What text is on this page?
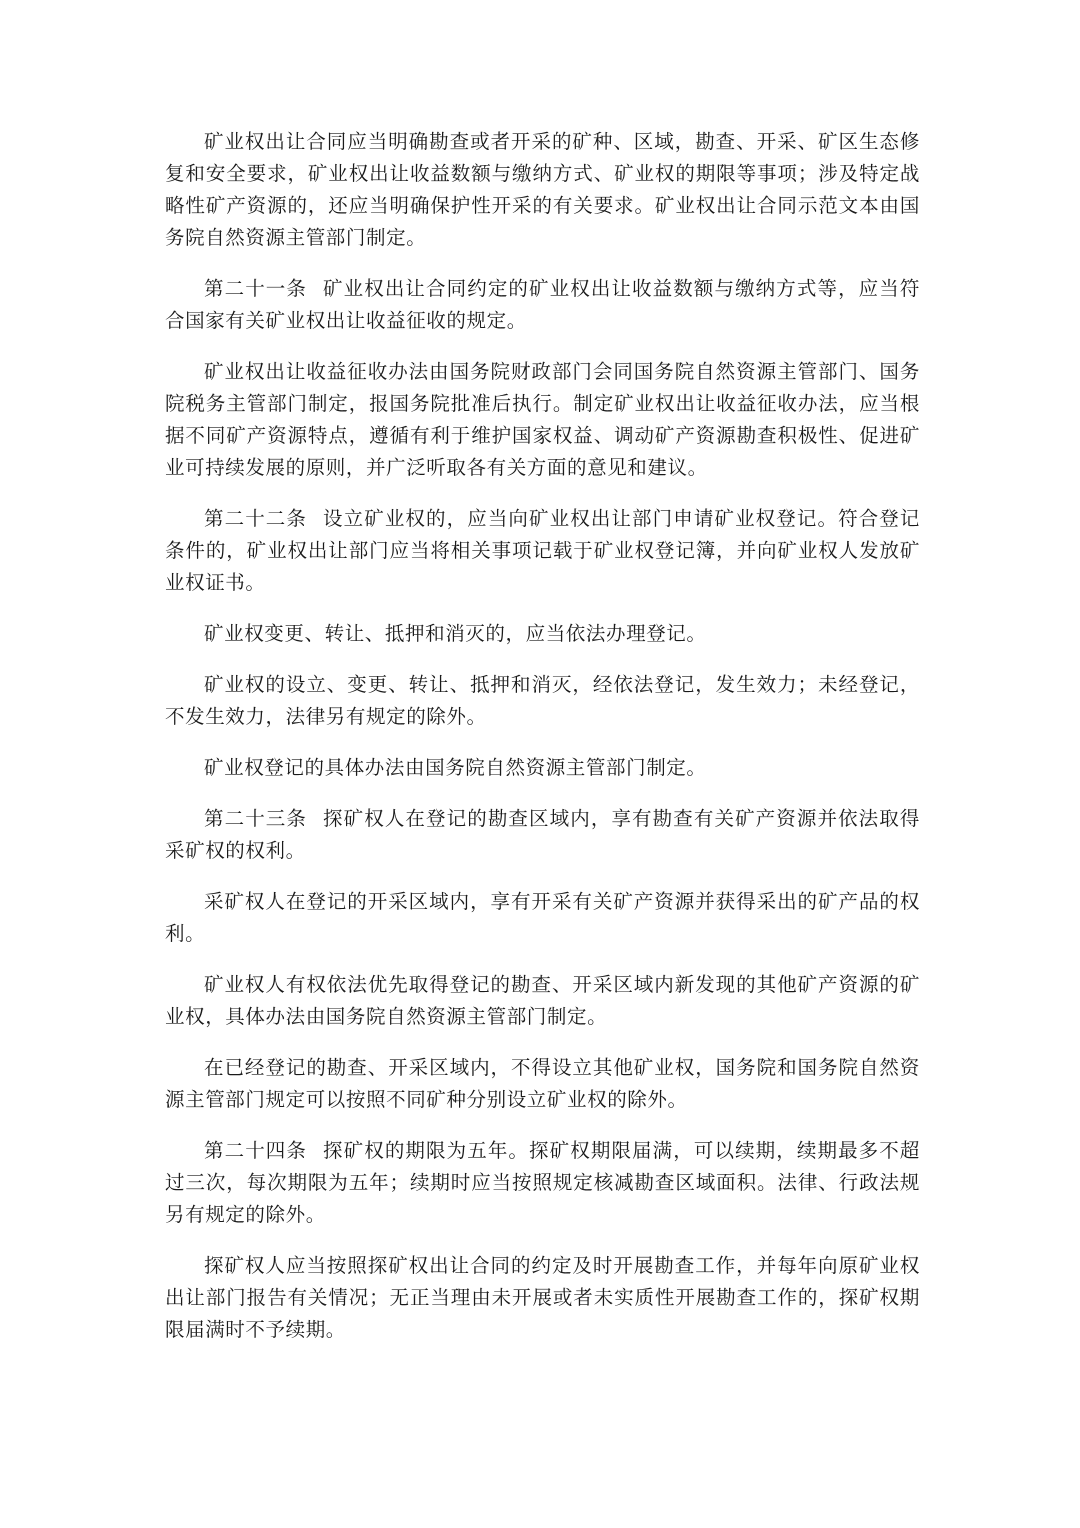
矿业权出让合同应当明确勘查或者开采的矿种、区域，勘查、开采、矿区生态修复和安全要求，矿业权出让收益数额与缴纳方式、矿业权的期限等事项；涉及特定战略性矿产资源的，还应当明确保护性开采的有关要求。矿业权出让合同示范文本由国务院自然资源主管部门制定。

第二十一条 矿业权出让合同约定的矿业权出让收益数额与缴纳方式等，应当符合国家有关矿业权出让收益征收的规定。

矿业权出让收益征收办法由国务院财政部门会同国务院自然资源主管部门、国务院税务主管部门制定，报国务院批准后执行。制定矿业权出让收益征收办法，应当根据不同矿产资源特点，遵循有利于维护国家权益、调动矿产资源勘查积极性、促进矿业可持续发展的原则，并广泛听取各有关方面的意见和建议。

第二十二条 设立矿业权的，应当向矿业权出让部门申请矿业权登记。符合登记条件的，矿业权出让部门应当将相关事项记载于矿业权登记簿，并向矿业权人发放矿业权证书。

矿业权变更、转让、抵押和消灭的，应当依法办理登记。

矿业权的设立、变更、转让、抵押和消灭，经依法登记，发生效力；未经登记，不发生效力，法律另有规定的除外。

矿业权登记的具体办法由国务院自然资源主管部门制定。

第二十三条 探矿权人在登记的勘查区域内，享有勘查有关矿产资源并依法取得采矿权的权利。

采矿权人在登记的开采区域内，享有开采有关矿产资源并获得采出的矿产品的权利。

矿业权人有权依法优先取得登记的勘查、开采区域内新发现的其他矿产资源的矿业权，具体办法由国务院自然资源主管部门制定。

在已经登记的勘查、开采区域内，不得设立其他矿业权，国务院和国务院自然资源主管部门规定可以按照不同矿种分别设立矿业权的除外。

第二十四条 探矿权的期限为五年。探矿权期限届满，可以续期，续期最多不超过三次，每次期限为五年；续期时应当按照规定核减勘查区域面积。法律、行政法规另有规定的除外。

探矿权人应当按照探矿权出让合同的约定及时开展勘查工作，并每年向原矿业权出让部门报告有关情况；无正当理由未开展或者未实质性开展勘查工作的，探矿权期限届满时不予续期。
